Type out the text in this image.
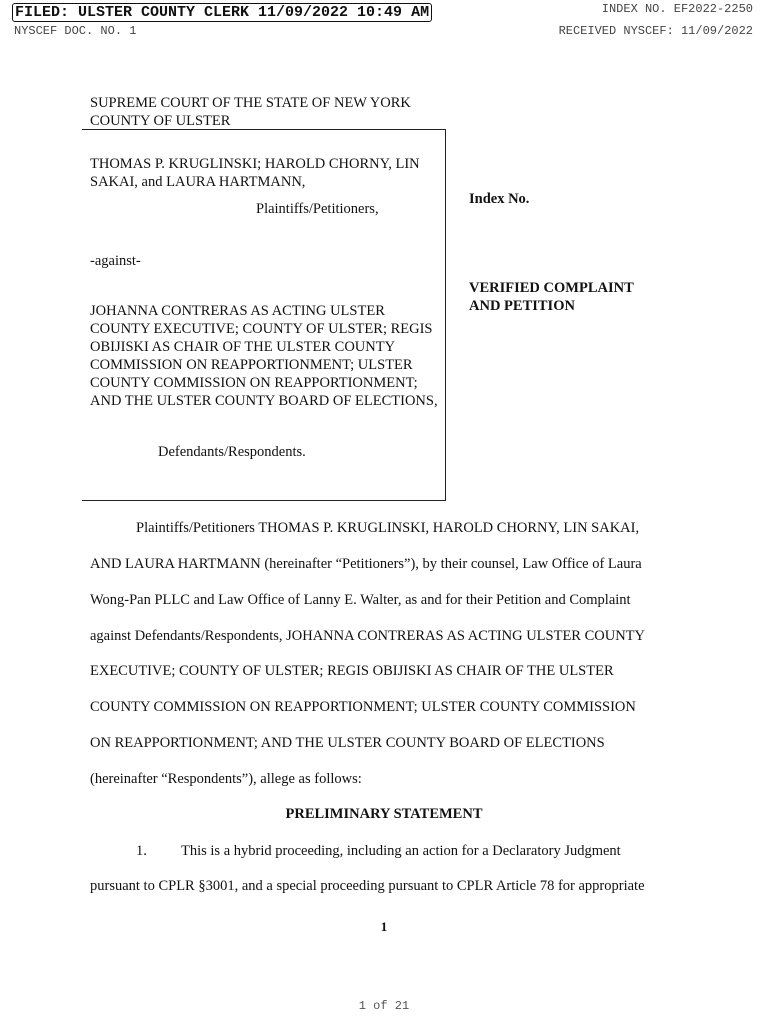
FILED: ULSTER COUNTY CLERK 11/09/2022 10:49 AM	INDEX NO. EF2022-2250
NYSCEF DOC. NO. 1	RECEIVED NYSCEF: 11/09/2022
SUPREME COURT OF THE STATE OF NEW YORK
COUNTY OF ULSTER
THOMAS P. KRUGLINSKI; HAROLD CHORNY, LIN SAKAI, and LAURA HARTMANN,
Plaintiffs/Petitioners,
-against-
JOHANNA CONTRERAS AS ACTING ULSTER COUNTY EXECUTIVE; COUNTY OF ULSTER; REGIS OBIJISKI AS CHAIR OF THE ULSTER COUNTY COMMISSION ON REAPPORTIONMENT; ULSTER COUNTY COMMISSION ON REAPPORTIONMENT; AND THE ULSTER COUNTY BOARD OF ELECTIONS,
Defendants/Respondents.
Index No.
VERIFIED COMPLAINT
AND PETITION
Plaintiffs/Petitioners THOMAS P. KRUGLINSKI, HAROLD CHORNY, LIN SAKAI,
AND LAURA HARTMANN (hereinafter “Petitioners”), by their counsel, Law Office of Laura
Wong-Pan PLLC and Law Office of Lanny E. Walter, as and for their Petition and Complaint
against Defendants/Respondents, JOHANNA CONTRERAS AS ACTING ULSTER COUNTY
EXECUTIVE; COUNTY OF ULSTER; REGIS OBIJISKI AS CHAIR OF THE ULSTER
COUNTY COMMISSION ON REAPPORTIONMENT; ULSTER COUNTY COMMISSION
ON REAPPORTIONMENT; AND THE ULSTER COUNTY BOARD OF ELECTIONS
(hereinafter “Respondents”), allege as follows:
PRELIMINARY STATEMENT
1. This is a hybrid proceeding, including an action for a Declaratory Judgment
pursuant to CPLR §3001, and a special proceeding pursuant to CPLR Article 78 for appropriate
1
1 of 21
